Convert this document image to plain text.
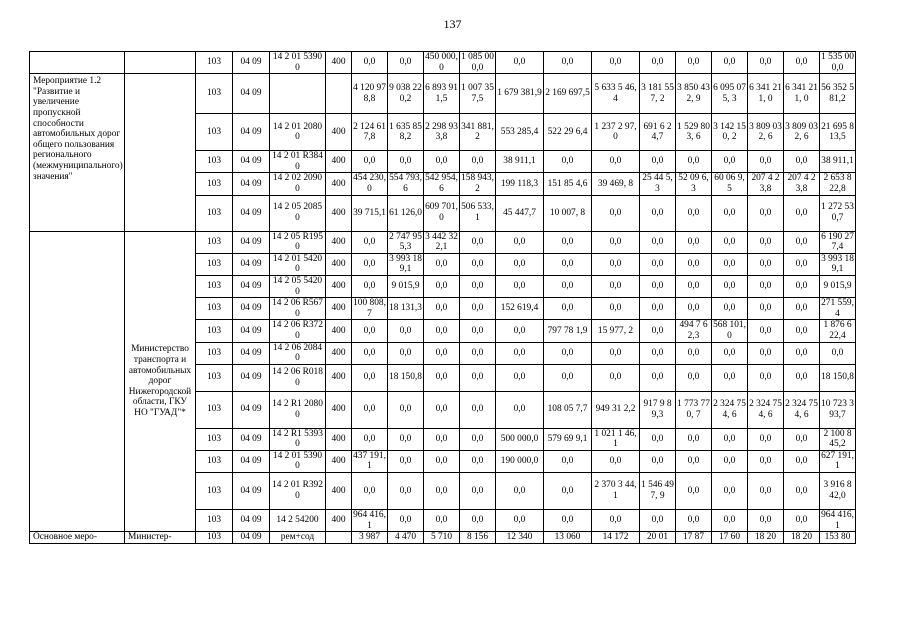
137
		103	04 09	14 2 01 53900	400	0,0	0,0	450 000,0	1 085 000,0	0,0	0,0	0,0	0,0	0,0	0,0	0,0	0,0	1 535 000,0
Мероприятие 1.2 "Развитие и увеличение пропускной способности автомобильных дорог общего пользования регионального (межмуниципального) значения"		103	04 09			4 120 978,8	9 038 220,2	6 893 911,5	1 007 357,5	1 679 381,9	2 169 697,5	5 633 5 46,4	3 181 557, 2	3 850 432, 9	6 095 075, 3	6 341 211, 0	6 341 211, 0	56 352 581,2
		103	04 09	14 2 01 20800	400	2 124 617,8	1 635 858,2	2 298 933,8	341 881,2	553 285,4	522 29 6,4	1 237 2 97,0	691 6 24,7	1 529 803, 6	3 142 150, 2	3 809 032, 6	3 809 032, 6	21 695 813,5
		103	04 09	14 2 01 R3840	400	0,0	0,0	0,0	0,0	38 911,1	0,0	0,0	0,0	0,0	0,0	0,0	0,0	38 911,1
		103	04 09	14 2 02 20900	400	454 230,0	554 793,6	542 954,6	158 943,2	199 118,3	151 85 4,6	39 469, 8	25 44 5,3	52 09 6,3	60 06 9,5	207 4 23,8	207 4 23,8	2 653 8 22,8
		103	04 09	14 2 05 20850	400	39 715,1	61 126,0	609 701,0	506 533,1	45 447,7	10 007, 8	0,0	0,0	0,0	0,0	0,0	0,0	1 272 53 0,7
	Министерство транспорта и автомобильных дорог Нижегородской области, ГКУ НО "ГУАД"*	103	04 09	14 2 05 R1950	400	0,0	2 747 955,3	3 442 322,1	0,0	0,0	0,0	0,0	0,0	0,0	0,0	0,0	0,0	6 190 277,4
		103	04 09	14 2 01 54200	400	0,0	3 993 189,1	0,0	0,0	0,0	0,0	0,0	0,0	0,0	0,0	0,0	0,0	3 993 189,1
		103	04 09	14 2 05 54200	400	0,0	9 015,9	0,0	0,0	0,0	0,0	0,0	0,0	0,0	0,0	0,0	0,0	9 015,9
		103	04 09	14 2 06 R5670	400	100 808,7	18 131,3	0,0	0,0	152 619,4	0,0	0,0	0,0	0,0	0,0	0,0	0,0	271 559,4
		103	04 09	14 2 06 R3720	400	0,0	0,0	0,0	0,0	0,0	797 78 1,9	15 977, 2	0,0	494 7 62,3	568 101,0	0,0	0,0	1 876 6 22,4
		103	04 09	14 2 06 20840	400	0,0	0,0	0,0	0,0	0,0	0,0	0,0	0,0	0,0	0,0	0,0	0,0	0,0
		103	04 09	14 2 06 R0180	400	0,0	18 150,8	0,0	0,0	0,0	0,0	0,0	0,0	0,0	0,0	0,0	0,0	18 150,8
		103	04 09	14 2 R1 20800	400	0,0	0,0	0,0	0,0	0,0	108 05 7,7	949 31 2,2	917 9 89,3	1 773 770, 7	2 324 754, 6	2 324 754, 6	2 324 754, 6	10 723 393,7
		103	04 09	14 2 R1 53930	400	0,0	0,0	0,0	0,0	500 000,0	579 69 9,1	1 021 1 46,1	0,0	0,0	0,0	0,0	0,0	2 100 8 45,2
		103	04 09	14 2 01 53900	400	437 191,1	0,0	0,0	0,0	190 000,0	0,0	0,0	0,0	0,0	0,0	0,0	0,0	627 191,1
		103	04 09	14 2 01 R3920	400	0,0	0,0	0,0	0,0	0,0	0,0	2 370 3 44,1	1 546 497, 9	0,0	0,0	0,0	0,0	3 916 8 42,0
		103	04 09	14 2 54200	400	964 416,1	0,0	0,0	0,0	0,0	0,0	0,0	0,0	0,0	0,0	0,0	0,0	964 416,1
Основное меро-	Министер-	103	04 09	рем+сод		3 987	4 470	5 710	8 156	12 340	13 060	14 172	20 01	17 87	17 60	18 20	18 20	153 80
